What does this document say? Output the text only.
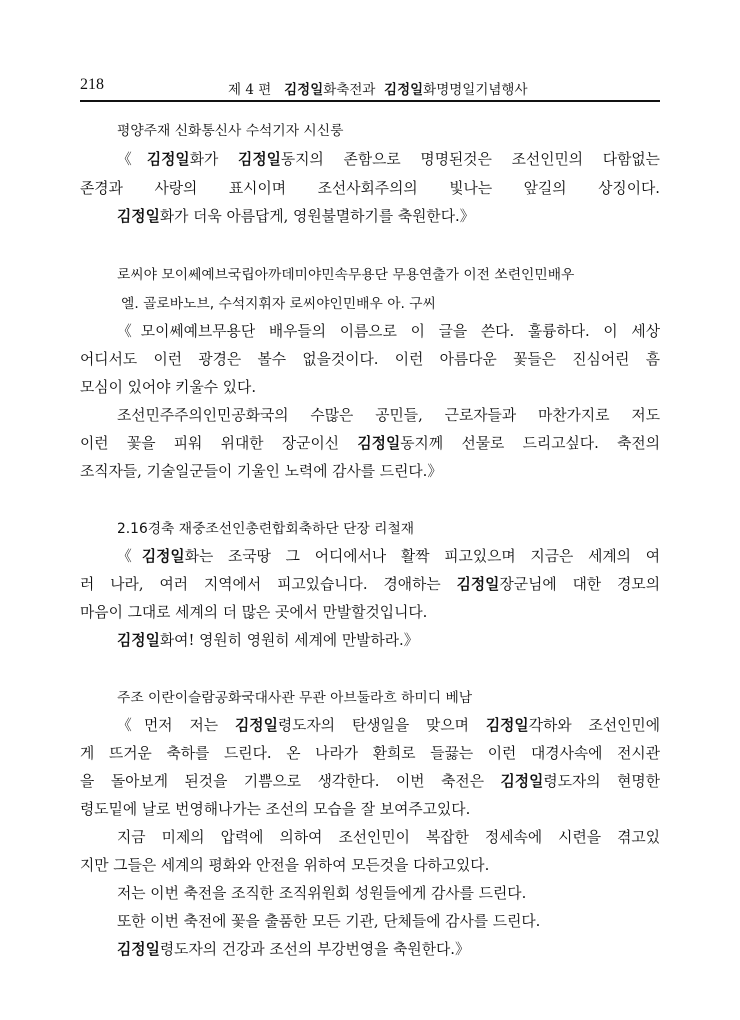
218	제 4 편 김정일화축전과 김정일화명명일기념행사
평양주재 신화통신사 수석기자 시신룽
《김정일화가 김정일동지의 존함으로 명명된것은 조선인민의 다함없는
존경과 사랑의 표시이며 조선사회주의의 빛나는 앞길의 상징이다.
김정일화가 더욱 아름답게, 영원불멸하기를 축원한다.》
로씨야 모이쎄예브국립아까데미야민속무용단 무용연출가 이전 쏘련인민배우
엘. 골로바노브, 수석지휘자 로씨야인민배우 아. 구씨
《모이쎄예브무용단 배우들의 이름으로 이 글을 쓴다. 훌륭하다. 이 세상
어디서도 이런 광경은 볼수 없을것이다. 이런 아름다운 꽃들은 진심어린 흠
모심이 있어야 키울수 있다.
조선민주주의인민공화국의 수많은 공민들, 근로자들과 마찬가지로 저도
이런 꽃을 피워 위대한 장군이신 김정일동지께 선물로 드리고싶다. 축전의
조직자들, 기술일군들이 기울인 노력에 감사를 드린다.》
2.16경축 재중조선인총련합회축하단 단장 리철재
《김정일화는 조국땅 그 어디에서나 활짝 피고있으며 지금은 세계의 여
러 나라, 여러 지역에서 피고있습니다. 경애하는 김정일장군님에 대한 경모의
마음이 그대로 세계의 더 많은 곳에서 만발할것입니다.
김정일화여! 영원히 영원히 세계에 만발하라.》
주조 이란이슬람공화국대사관 무관 아브둘라흐 하미디 베남
《먼저 저는 김정일령도자의 탄생일을 맞으며 김정일각하와 조선인민에
게 뜨거운 축하를 드린다. 온 나라가 환희로 들끓는 이런 대경사속에 전시관
을 돌아보게 된것을 기쁨으로 생각한다. 이번 축전은 김정일령도자의 현명한
령도밑에 날로 번영해나가는 조선의 모습을 잘 보여주고있다.
지금 미제의 압력에 의하여 조선인민이 복잡한 정세속에 시련을 겪고있
지만 그들은 세계의 평화와 안전을 위하여 모든것을 다하고있다.
저는 이번 축전을 조직한 조직위원회 성원들에게 감사를 드린다.
또한 이번 축전에 꽃을 출품한 모든 기관, 단체들에 감사를 드린다.
김정일령도자의 건강과 조선의 부강번영을 축원한다.》
